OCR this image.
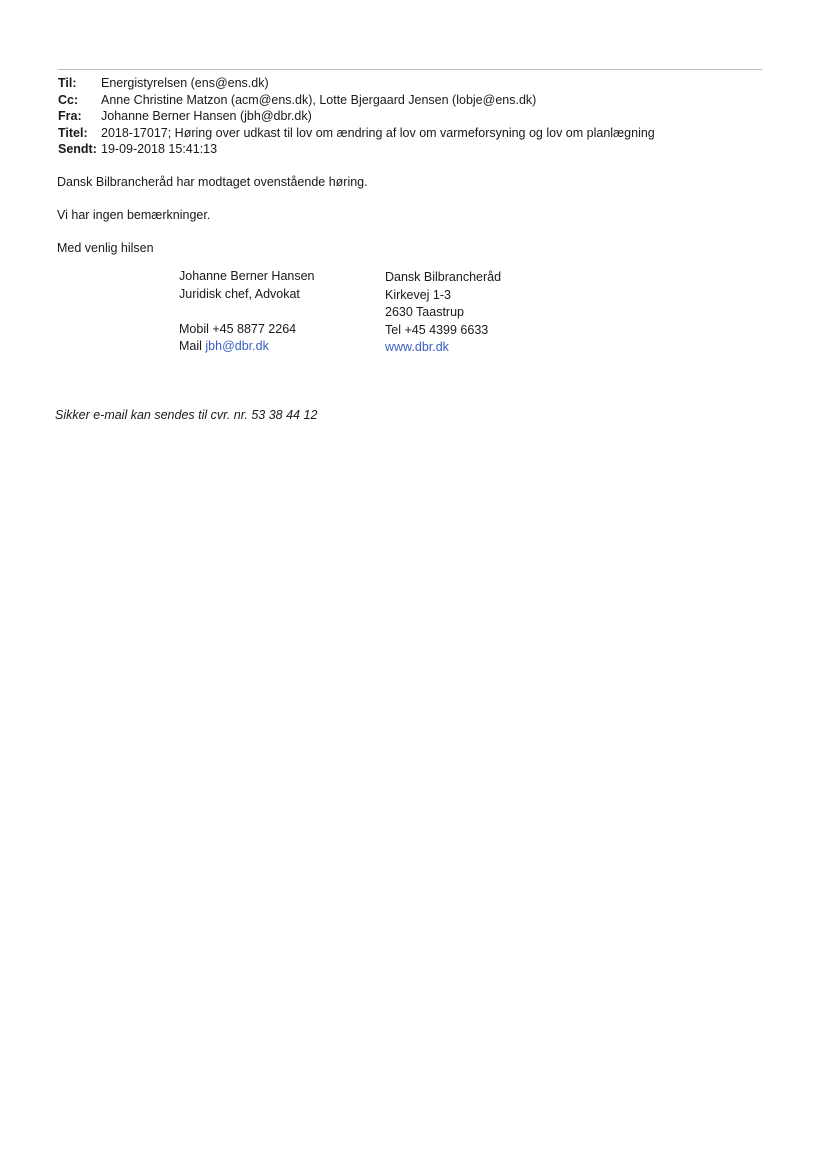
Til:	Energistyrelsen (ens@ens.dk)
Cc:	Anne Christine Matzon (acm@ens.dk), Lotte Bjergaard Jensen (lobje@ens.dk)
Fra:	Johanne Berner Hansen (jbh@dbr.dk)
Titel:	2018-17017; Høring over udkast til lov om ændring af lov om varmeforsyning og lov om planlægning
Sendt: 19-09-2018 15:41:13
Dansk Bilbrancheråd har modtaget ovenstående høring.
Vi har ingen bemærkninger.
Med venlig hilsen
Johanne Berner Hansen
Juridisk chef, Advokat
Mobil +45 8877 2264
Mail jbh@dbr.dk
Dansk Bilbrancheråd
Kirkevej 1-3
2630 Taastrup
Tel +45 4399 6633
www.dbr.dk
Sikker e-mail kan sendes til cvr. nr. 53 38 44 12
